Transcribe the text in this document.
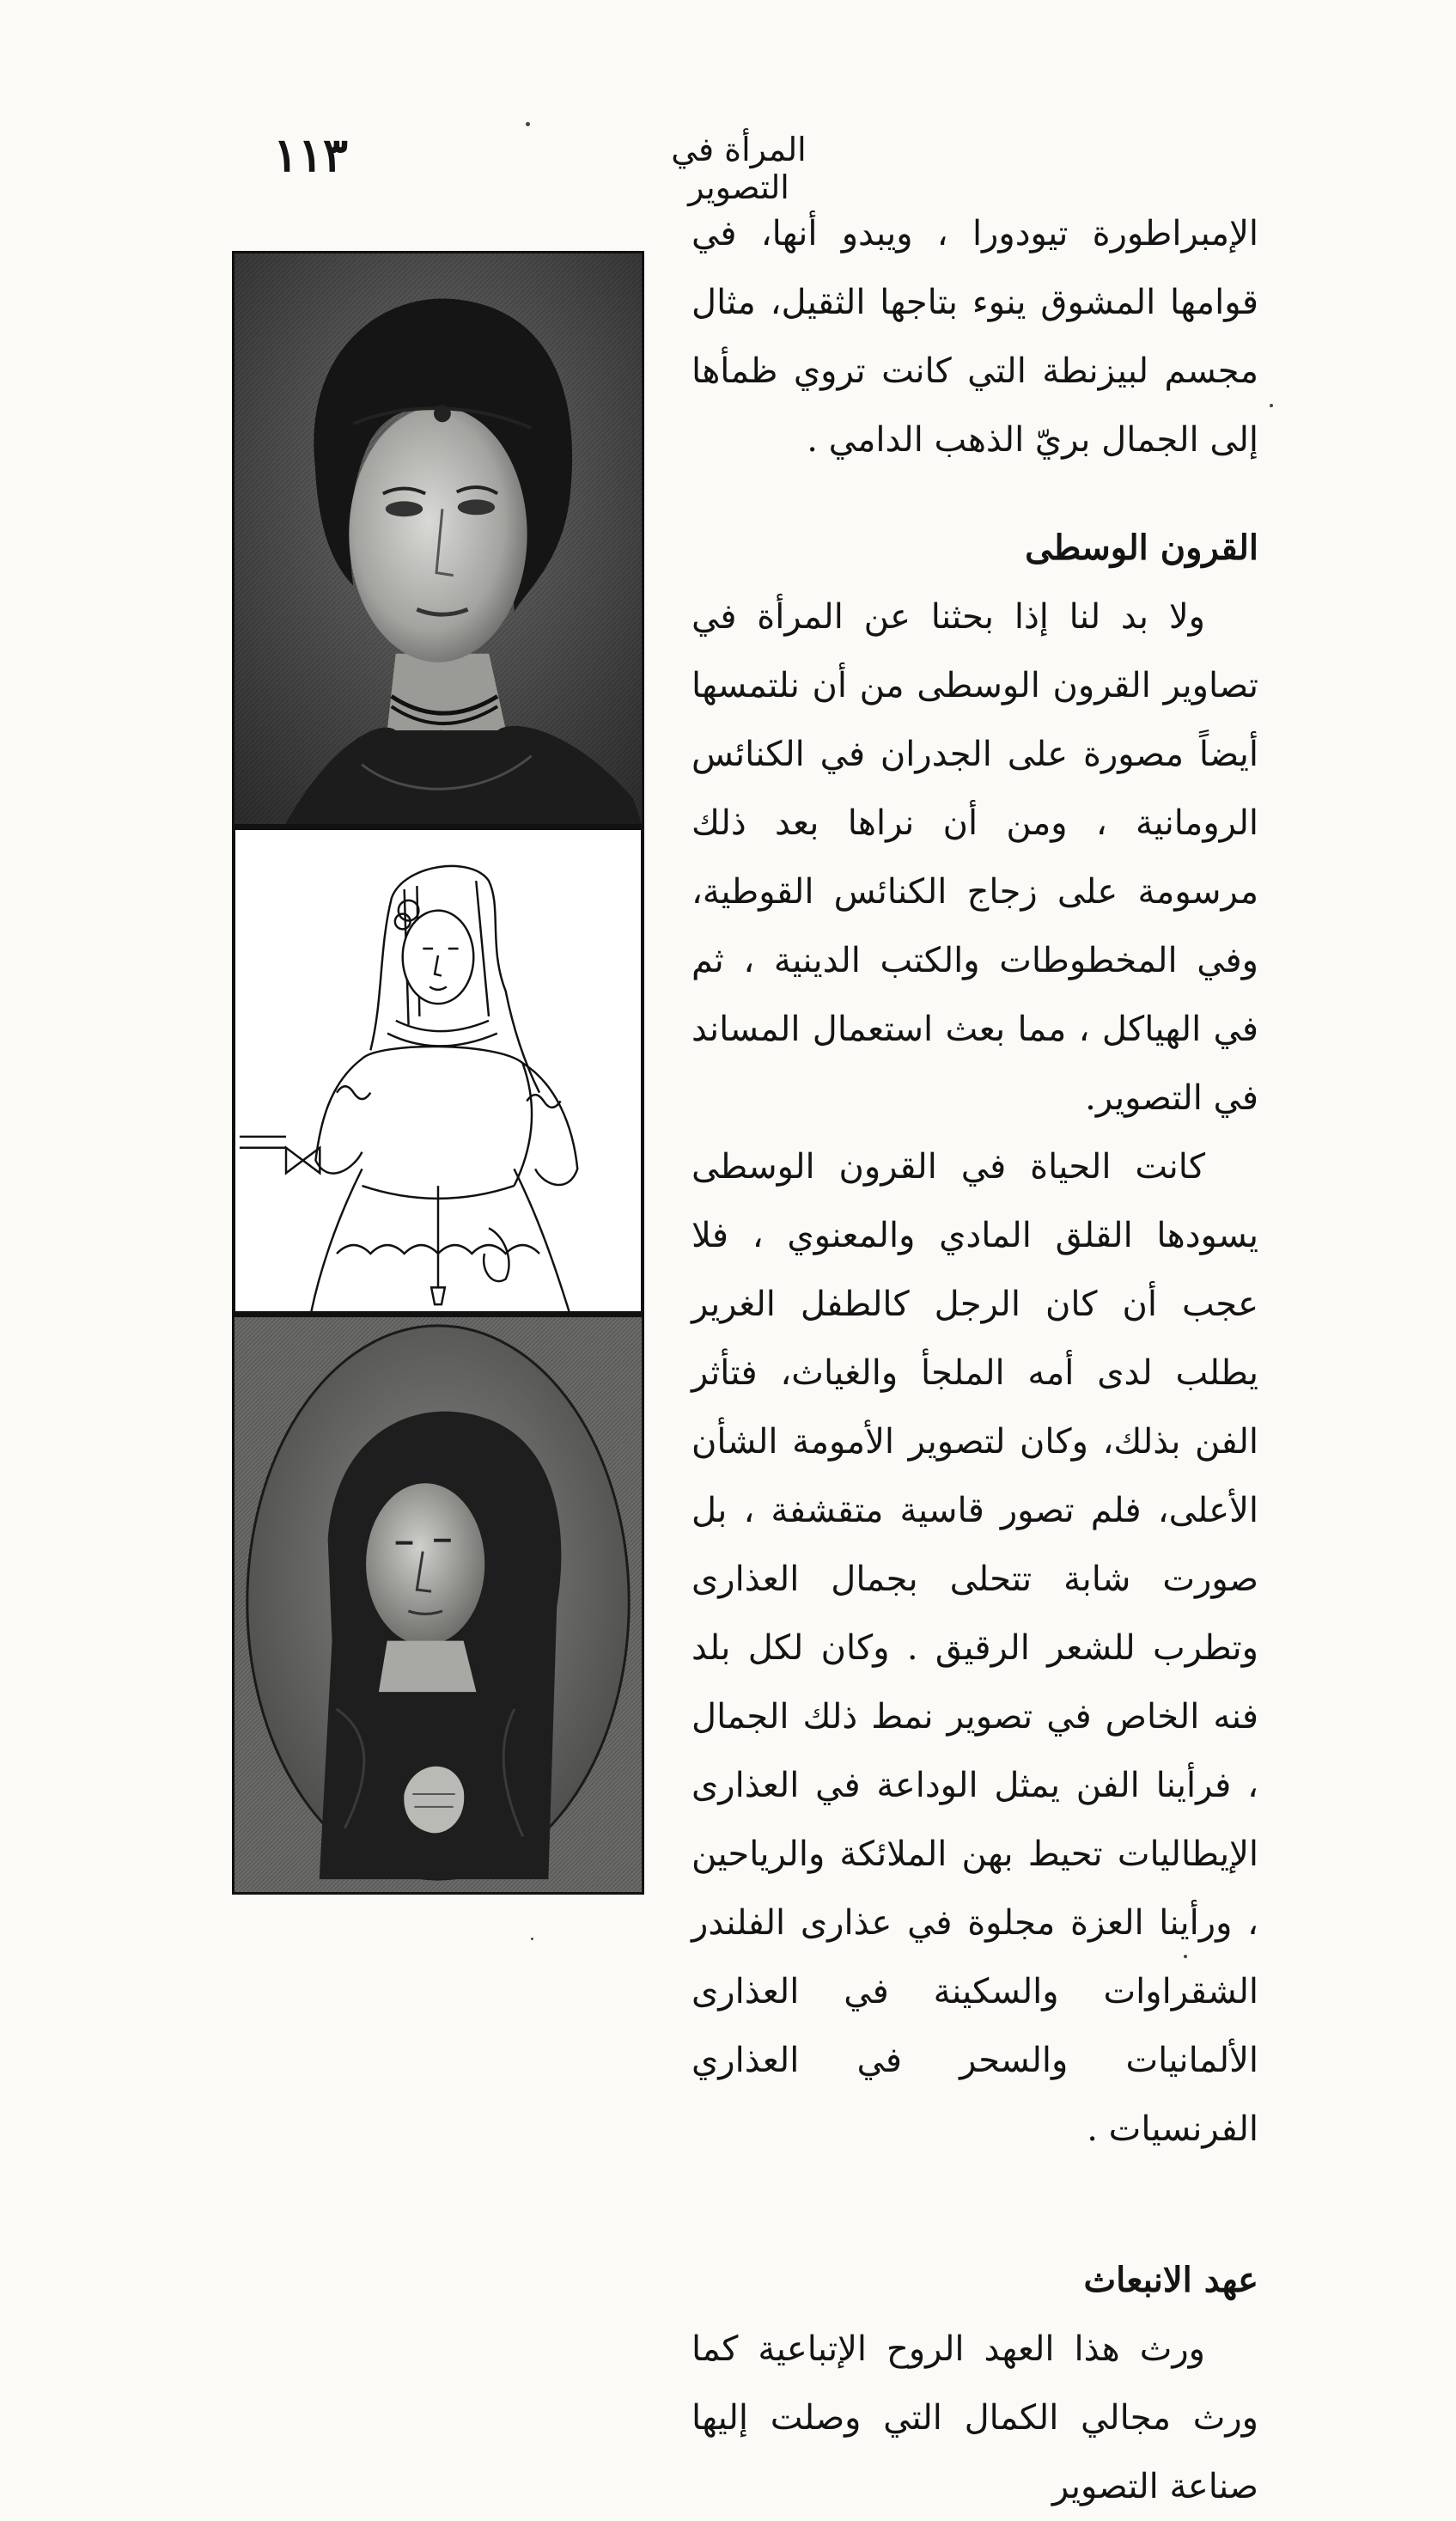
١١٣	المرأة في التصوير

الإمبراطورة تيودورا ، ويبدو أنها، في قوامها المشوق ينوء بتاجها الثقيل، مثال مجسم لبيزنطة التي كانت تروي ظمأها إلى الجمال بريّ الذهب الدامي .

القرون الوسطى

ولا بد لنا إذا بحثنا عن المرأة في تصاوير القرون الوسطى من أن نلتمسها أيضاً مصورة على الجدران في الكنائس الرومانية ، ومن أن نراها بعد ذلك مرسومة على زجاج الكنائس القوطية، وفي المخطوطات والكتب الدينية ، ثم في الهياكل ، مما بعث استعمال المساند في التصوير.

كانت الحياة في القرون الوسطى يسودها القلق المادي والمعنوي ، فلا عجب أن كان الرجل كالطفل الغرير يطلب لدى أمه الملجأ والغياث، فتأثر الفن بذلك، وكان لتصوير الأمومة الشأن الأعلى، فلم تصور قاسية متقشفة ، بل صورت شابة تتحلى بجمال العذارى وتطرب للشعر الرقيق . وكان لكل بلد فنه الخاص في تصوير نمط ذلك الجمال ، فرأينا الفن يمثل الوداعة في العذارى الإيطاليات تحيط بهن الملائكة والرياحين ، ورأينا العزة مجلوة في عذارى الفلندر الشقراوات والسكينة في العذارى الألمانيات والسحر في العذاري الفرنسيات .

عهد الانبعاث

ورث هذا العهد الروح الإتباعية كما ورث مجالي الكمال التي وصلت إليها صناعة التصوير
